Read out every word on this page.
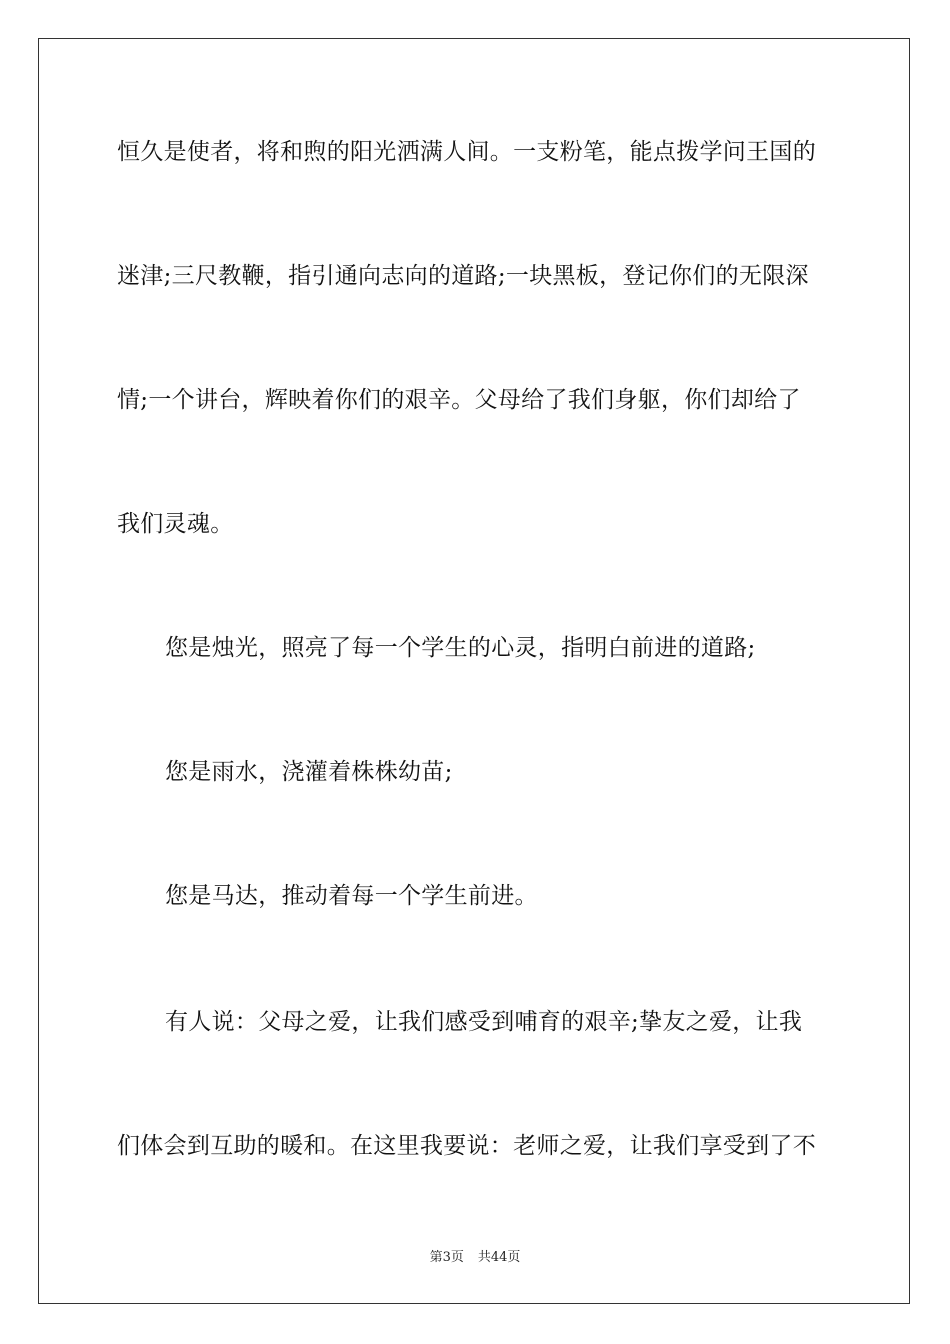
恒久是使者，将和煦的阳光洒满人间。一支粉笔，能点拨学问王国的
迷津;三尺教鞭，指引通向志向的道路;一块黑板，登记你们的无限深
情;一个讲台，辉映着你们的艰辛。父母给了我们身躯，你们却给了
我们灵魂。
您是烛光，照亮了每一个学生的心灵，指明白前进的道路;
您是雨水，浇灌着株株幼苗;
您是马达，推动着每一个学生前进。
有人说：父母之爱，让我们感受到哺育的艰辛;挚友之爱，让我
们体会到互助的暖和。在这里我要说：老师之爱，让我们享受到了不
第3页 共44页
